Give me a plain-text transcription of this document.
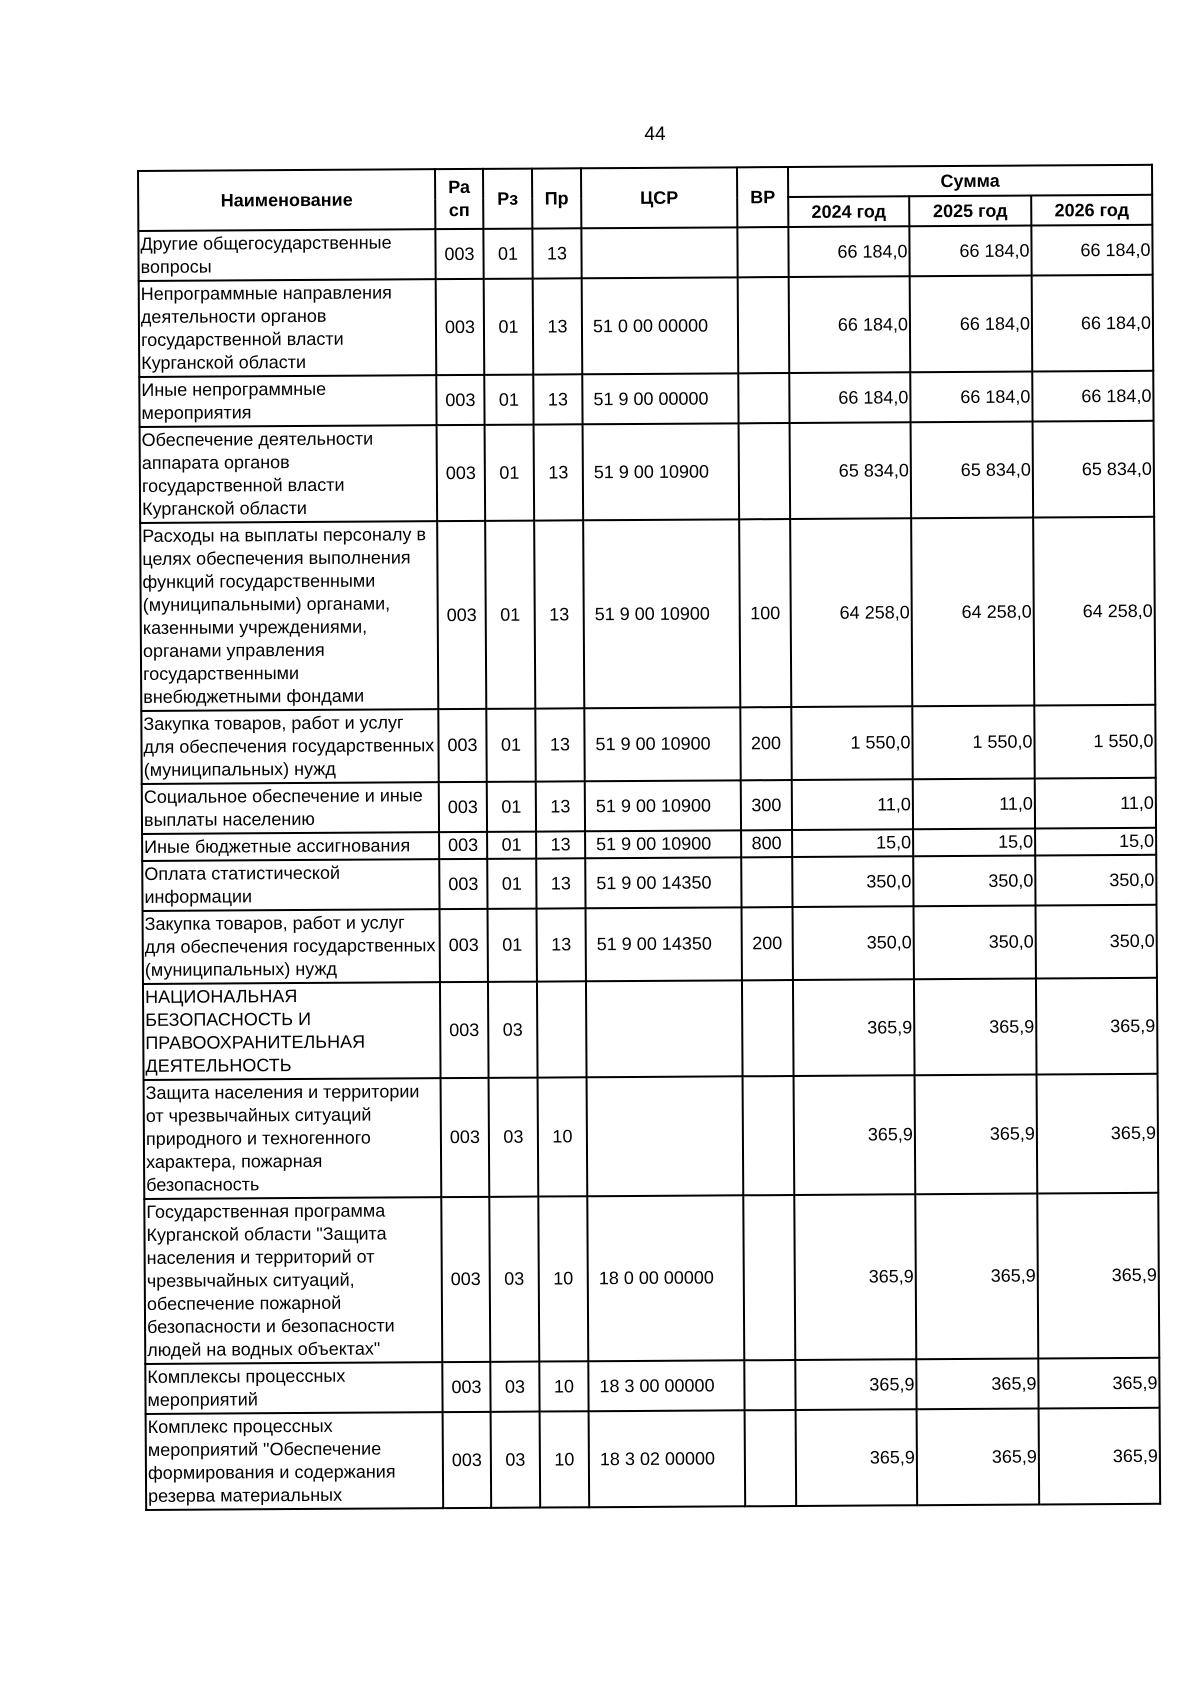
44
Наименование	Ра сп	Рз	Пр	ЦСР	ВР	Сумма		
						2024 год	2025 год	2026 год
Другие общегосударственные вопросы	003	01	13			66 184,0	66 184,0	66 184,0
Непрограммные направления деятельности органов государственной власти Курганской области	003	01	13	51 0 00 00000		66 184,0	66 184,0	66 184,0
Иные непрограммные мероприятия	003	01	13	51 9 00 00000		66 184,0	66 184,0	66 184,0
Обеспечение деятельности аппарата органов государственной власти Курганской области	003	01	13	51 9 00 10900		65 834,0	65 834,0	65 834,0
Расходы на выплаты персоналу в целях обеспечения выполнения функций государственными (муниципальными) органами, казенными учреждениями, органами управления государственными внебюджетными фондами	003	01	13	51 9 00 10900	100	64 258,0	64 258,0	64 258,0
Закупка товаров, работ и услуг для обеспечения государственных (муниципальных) нужд	003	01	13	51 9 00 10900	200	1 550,0	1 550,0	1 550,0
Социальное обеспечение и иные выплаты населению	003	01	13	51 9 00 10900	300	11,0	11,0	11,0
Иные бюджетные ассигнования	003	01	13	51 9 00 10900	800	15,0	15,0	15,0
Оплата статистической информации	003	01	13	51 9 00 14350		350,0	350,0	350,0
Закупка товаров, работ и услуг для обеспечения государственных (муниципальных) нужд	003	01	13	51 9 00 14350	200	350,0	350,0	350,0
НАЦИОНАЛЬНАЯ БЕЗОПАСНОСТЬ И ПРАВООХРАНИТЕЛЬНАЯ ДЕЯТЕЛЬНОСТЬ	003	03				365,9	365,9	365,9
Защита населения и территории от чрезвычайных ситуаций природного и техногенного характера, пожарная безопасность	003	03	10			365,9	365,9	365,9
Государственная программа Курганской области "Защита населения и территорий от чрезвычайных ситуаций, обеспечение пожарной безопасности и безопасности людей на водных объектах"	003	03	10	18 0 00 00000		365,9	365,9	365,9
Комплексы процессных мероприятий	003	03	10	18 3 00 00000		365,9	365,9	365,9
Комплекс процессных мероприятий "Обеспечение формирования и содержания резерва материальных	003	03	10	18 3 02 00000		365,9	365,9	365,9
